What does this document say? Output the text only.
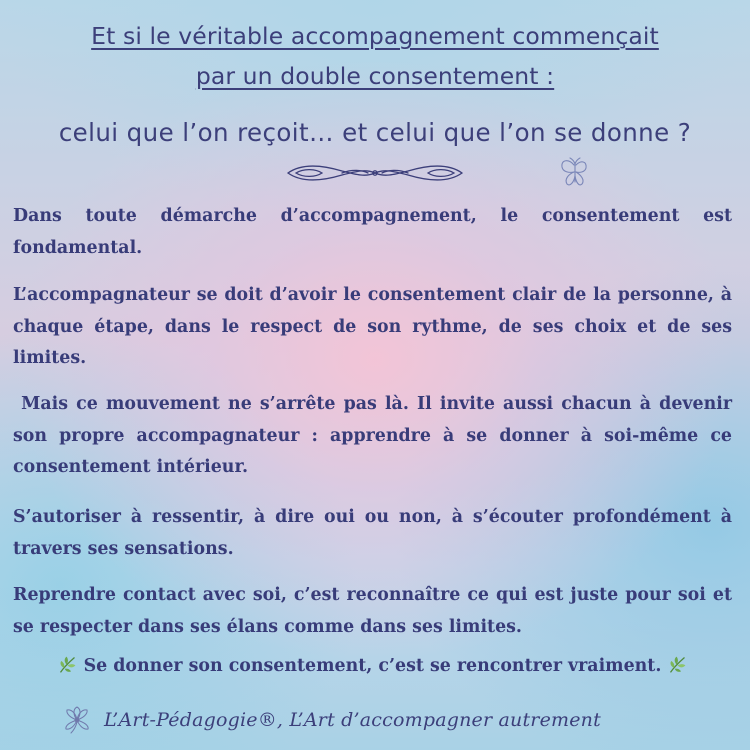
Et si le véritable accompagnement commençait
par un double consentement :
celui que l’on reçoit… et celui que l’on se donne ?

Dans toute démarche d’accompagnement, le consentement est fondamental.

L’accompagnateur se doit d’avoir le consentement clair de la personne, à chaque étape, dans le respect de son rythme, de ses choix et de ses limites.

Mais ce mouvement ne s’arrête pas là. Il invite aussi chacun à devenir son propre accompagnateur : apprendre à se donner à soi-même ce consentement intérieur.

S’autoriser à ressentir, à dire oui ou non, à s’écouter profondément à travers ses sensations.

Reprendre contact avec soi, c’est reconnaître ce qui est juste pour soi et se respecter dans ses élans comme dans ses limites.

Se donner son consentement, c’est se rencontrer vraiment.

L’Art-Pédagogie®, L’Art d’accompagner autrement
